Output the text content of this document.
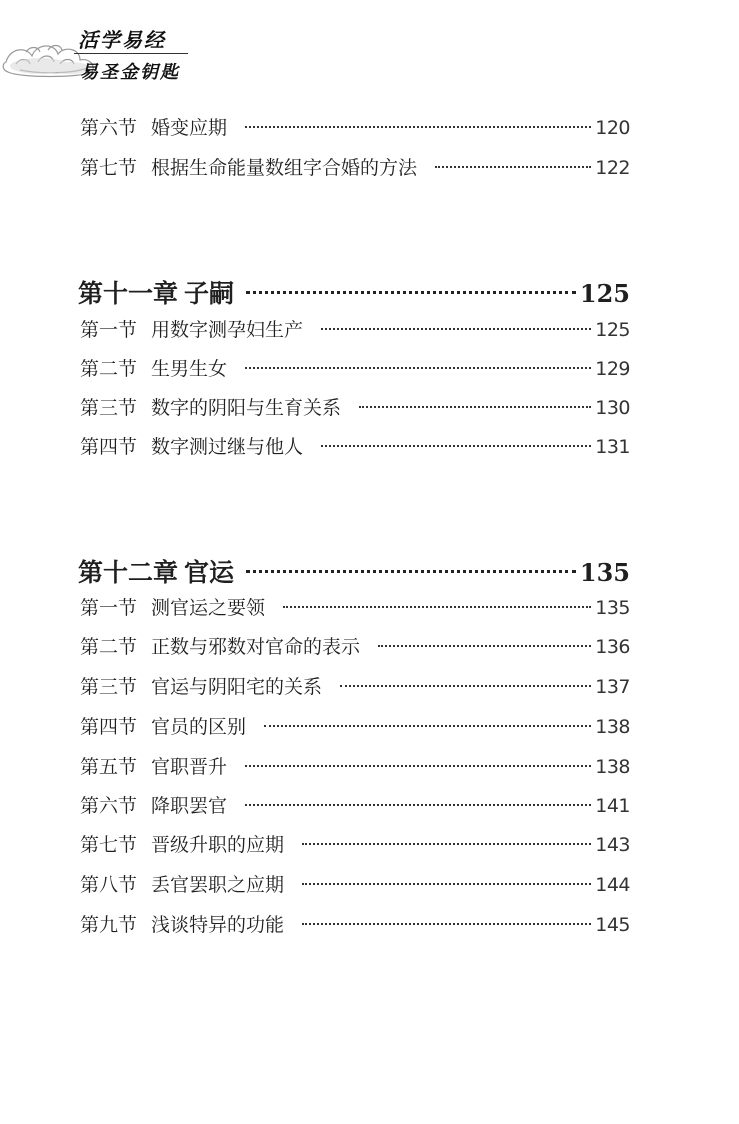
活学易经
易圣金钥匙
第六节 婚变应期	120
第七节 根据生命能量数组字合婚的方法	122
第十一章 子嗣	125
第一节 用数字测孕妇生产	125
第二节 生男生女	129
第三节 数字的阴阳与生育关系	130
第四节 数字测过继与他人	131
第十二章 官运	135
第一节 测官运之要领	135
第二节 正数与邪数对官命的表示	136
第三节 官运与阴阳宅的关系	137
第四节 官员的区别	138
第五节 官职晋升	138
第六节 降职罢官	141
第七节 晋级升职的应期	143
第八节 丢官罢职之应期	144
第九节 浅谈特异的功能	145
